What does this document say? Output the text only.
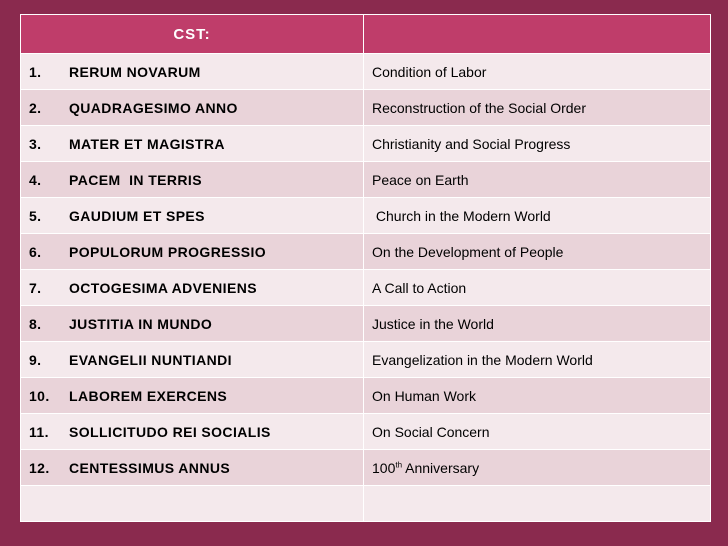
CST:	
1. RERUM NOVARUM	Condition of Labor
2. QUADRAGESIMO ANNO	Reconstruction of the Social Order
3. MATER ET MAGISTRA	Christianity and Social Progress
4. PACEM  IN TERRIS	Peace on Earth
5. GAUDIUM ET SPES	Church in the Modern World
6. POPULORUM PROGRESSIO	On the Development of People
7. OCTOGESIMA ADVENIENS	A Call to Action
8. JUSTITIA IN MUNDO	Justice in the World
9. EVANGELII NUNTIANDI	Evangelization in the Modern World
10. LABOREM EXERCENS	On Human Work
11. SOLLICITUDO REI SOCIALIS	On Social Concern
12. CENTESSIMUS ANNUS	100th Anniversary
